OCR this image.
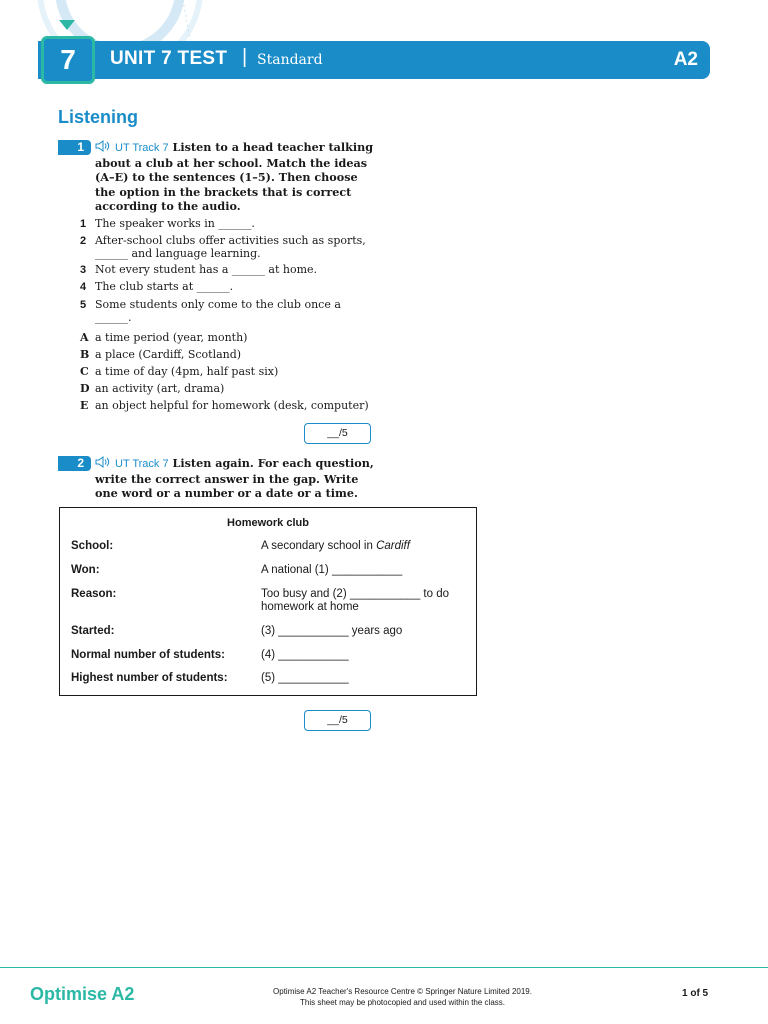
7 UNIT 7 TEST | Standard	A2
Listening
1	UT Track 7 Listen to a head teacher talking
about a club at her school. Match the ideas
(A–E) to the sentences (1–5). Then choose
the option in the brackets that is correct
according to the audio.
1 The speaker works in ______.
2 After-school clubs offer activities such as sports,
______ and language learning.
3 Not every student has a ______ at home.
4 The club starts at ______.
5 Some students only come to the club once a
______.
A a time period (year, month)
B a place (Cardiff, Scotland)
C a time of day (4pm, half past six)
D an activity (art, drama)
E an object helpful for homework (desk, computer)
__/5
2	UT Track 7 Listen again. For each question,
write the correct answer in the gap. Write
one word or a number or a date or a time.
Homework club
School:	A secondary school in Cardiff
Won:	A national (1) ___________
Reason:	Too busy and (2) ___________ to do
homework at home
Started:	(3) ___________ years ago
Normal number of students:	(4) ___________
Highest number of students:	(5) ___________
__/5
Optimise A2	Optimise A2 Teacher's Resource Centre © Springer Nature Limited 2019.
This sheet may be photocopied and used within the class.
1 of 5
